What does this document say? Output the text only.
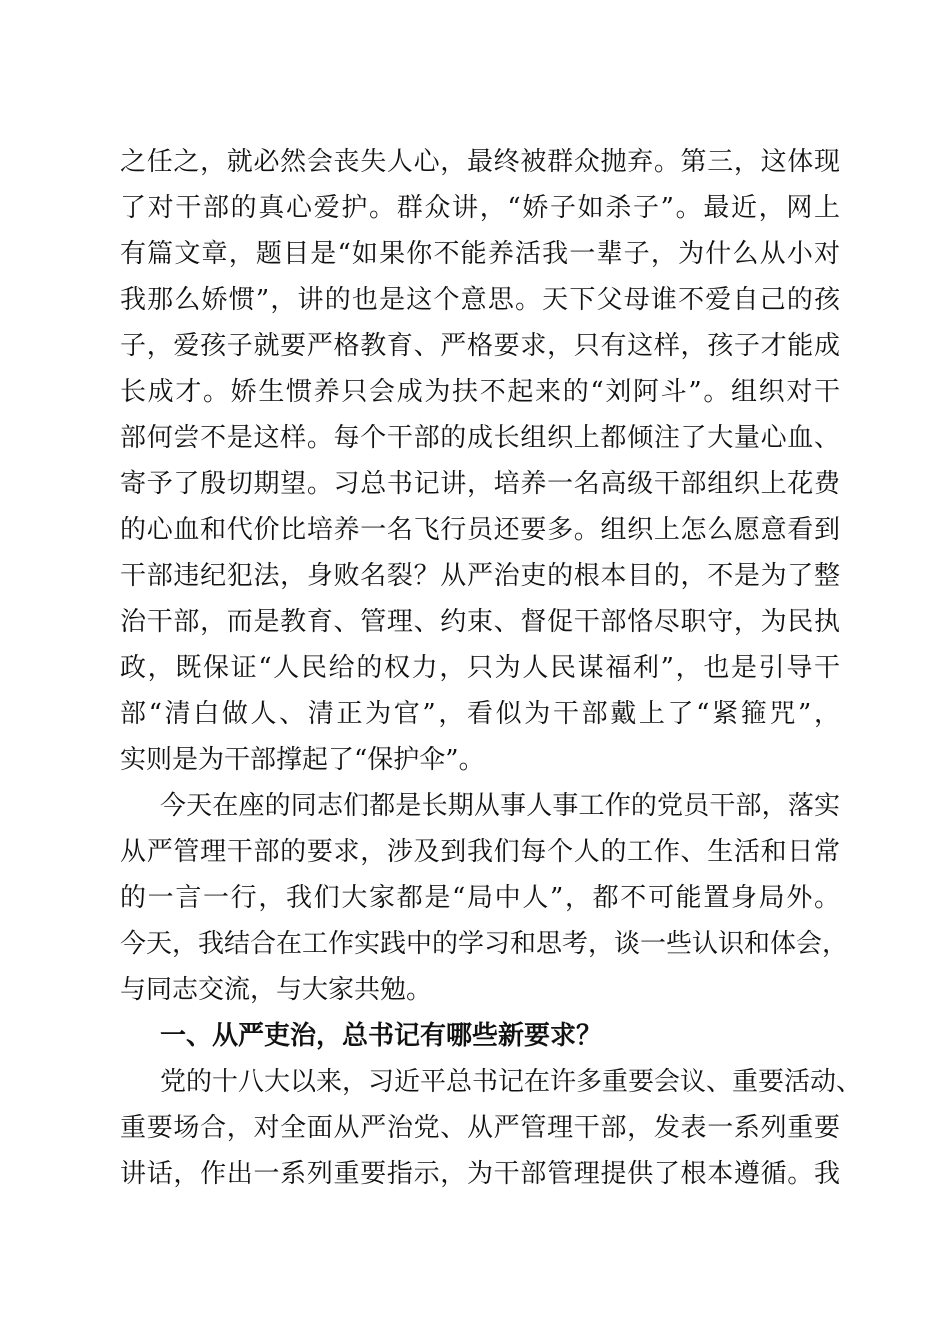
之任之，就必然会丧失人心，最终被群众抛弃。第三，这体现
了对干部的真心爱护。群众讲，“娇子如杀子”。最近，网上
有篇文章，题目是“如果你不能养活我一辈子，为什么从小对
我那么娇惯”，讲的也是这个意思。天下父母谁不爱自己的孩
子，爱孩子就要严格教育、严格要求，只有这样，孩子才能成
长成才。娇生惯养只会成为扶不起来的“刘阿斗”。组织对干
部何尝不是这样。每个干部的成长组织上都倾注了大量心血、
寄予了殷切期望。习总书记讲，培养一名高级干部组织上花费
的心血和代价比培养一名飞行员还要多。组织上怎么愿意看到
干部违纪犯法，身败名裂？从严治吏的根本目的，不是为了整
治干部，而是教育、管理、约束、督促干部恪尽职守，为民执
政，既保证“人民给的权力，只为人民谋福利”，也是引导干
部“清白做人、清正为官”，看似为干部戴上了“紧箍咒”，
实则是为干部撑起了“保护伞”。
今天在座的同志们都是长期从事人事工作的党员干部，落实
从严管理干部的要求，涉及到我们每个人的工作、生活和日常
的一言一行，我们大家都是“局中人”，都不可能置身局外。
今天，我结合在工作实践中的学习和思考，谈一些认识和体会，
与同志交流，与大家共勉。
一、从严吏治，总书记有哪些新要求？
党的十八大以来，习近平总书记在许多重要会议、重要活动、
重要场合，对全面从严治党、从严管理干部，发表一系列重要
讲话，作出一系列重要指示，为干部管理提供了根本遵循。我
